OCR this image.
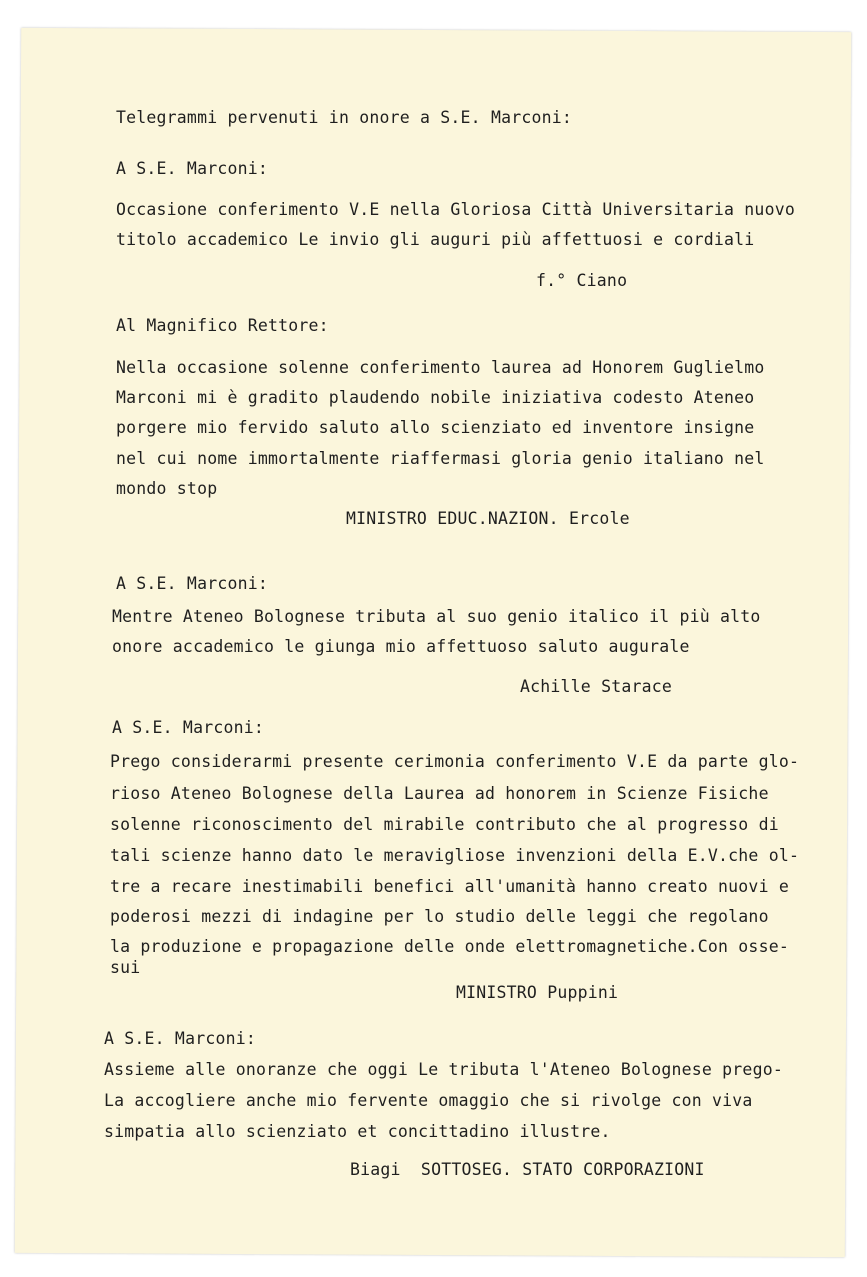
Telegrammi pervenuti in onore a S.E. Marconi:
A S.E. Marconi:
Occasione conferimento V.E nella Gloriosa Città Universitaria nuovo
titolo accademico Le invio gli auguri più affettuosi e cordiali
f.° Ciano
Al Magnifico Rettore:
Nella occasione solenne conferimento laurea ad Honorem Guglielmo
Marconi mi è gradito plaudendo nobile iniziativa codesto Ateneo
porgere mio fervido saluto allo scienziato ed inventore insigne
nel cui nome immortalmente riaffermasi gloria genio italiano nel
mondo stop
MINISTRO EDUC.NAZION. Ercole
A S.E. Marconi:
Mentre Ateneo Bolognese tributa al suo genio italico il più alto
onore accademico le giunga mio affettuoso saluto augurale
Achille Starace
A S.E. Marconi:
Prego considerarmi presente cerimonia conferimento V.E da parte glo-
rioso Ateneo Bolognese della Laurea ad honorem in Scienze Fisiche
solenne riconoscimento del mirabile contributo che al progresso di
tali scienze hanno dato le meravigliose invenzioni della E.V.che ol-
tre a recare inestimabili benefici all'umanità hanno creato nuovi e
poderosi mezzi di indagine per lo studio delle leggi che regolano
la produzione e propagazione delle onde elettromagnetiche.Con osse-
sui
MINISTRO Puppini
A S.E. Marconi:
Assieme alle onoranze che oggi Le tributa l'Ateneo Bolognese prego-
La accogliere anche mio fervente omaggio che si rivolge con viva
simpatia allo scienziato et concittadino illustre.
Biagi  SOTTOSEG. STATO CORPORAZIONI
